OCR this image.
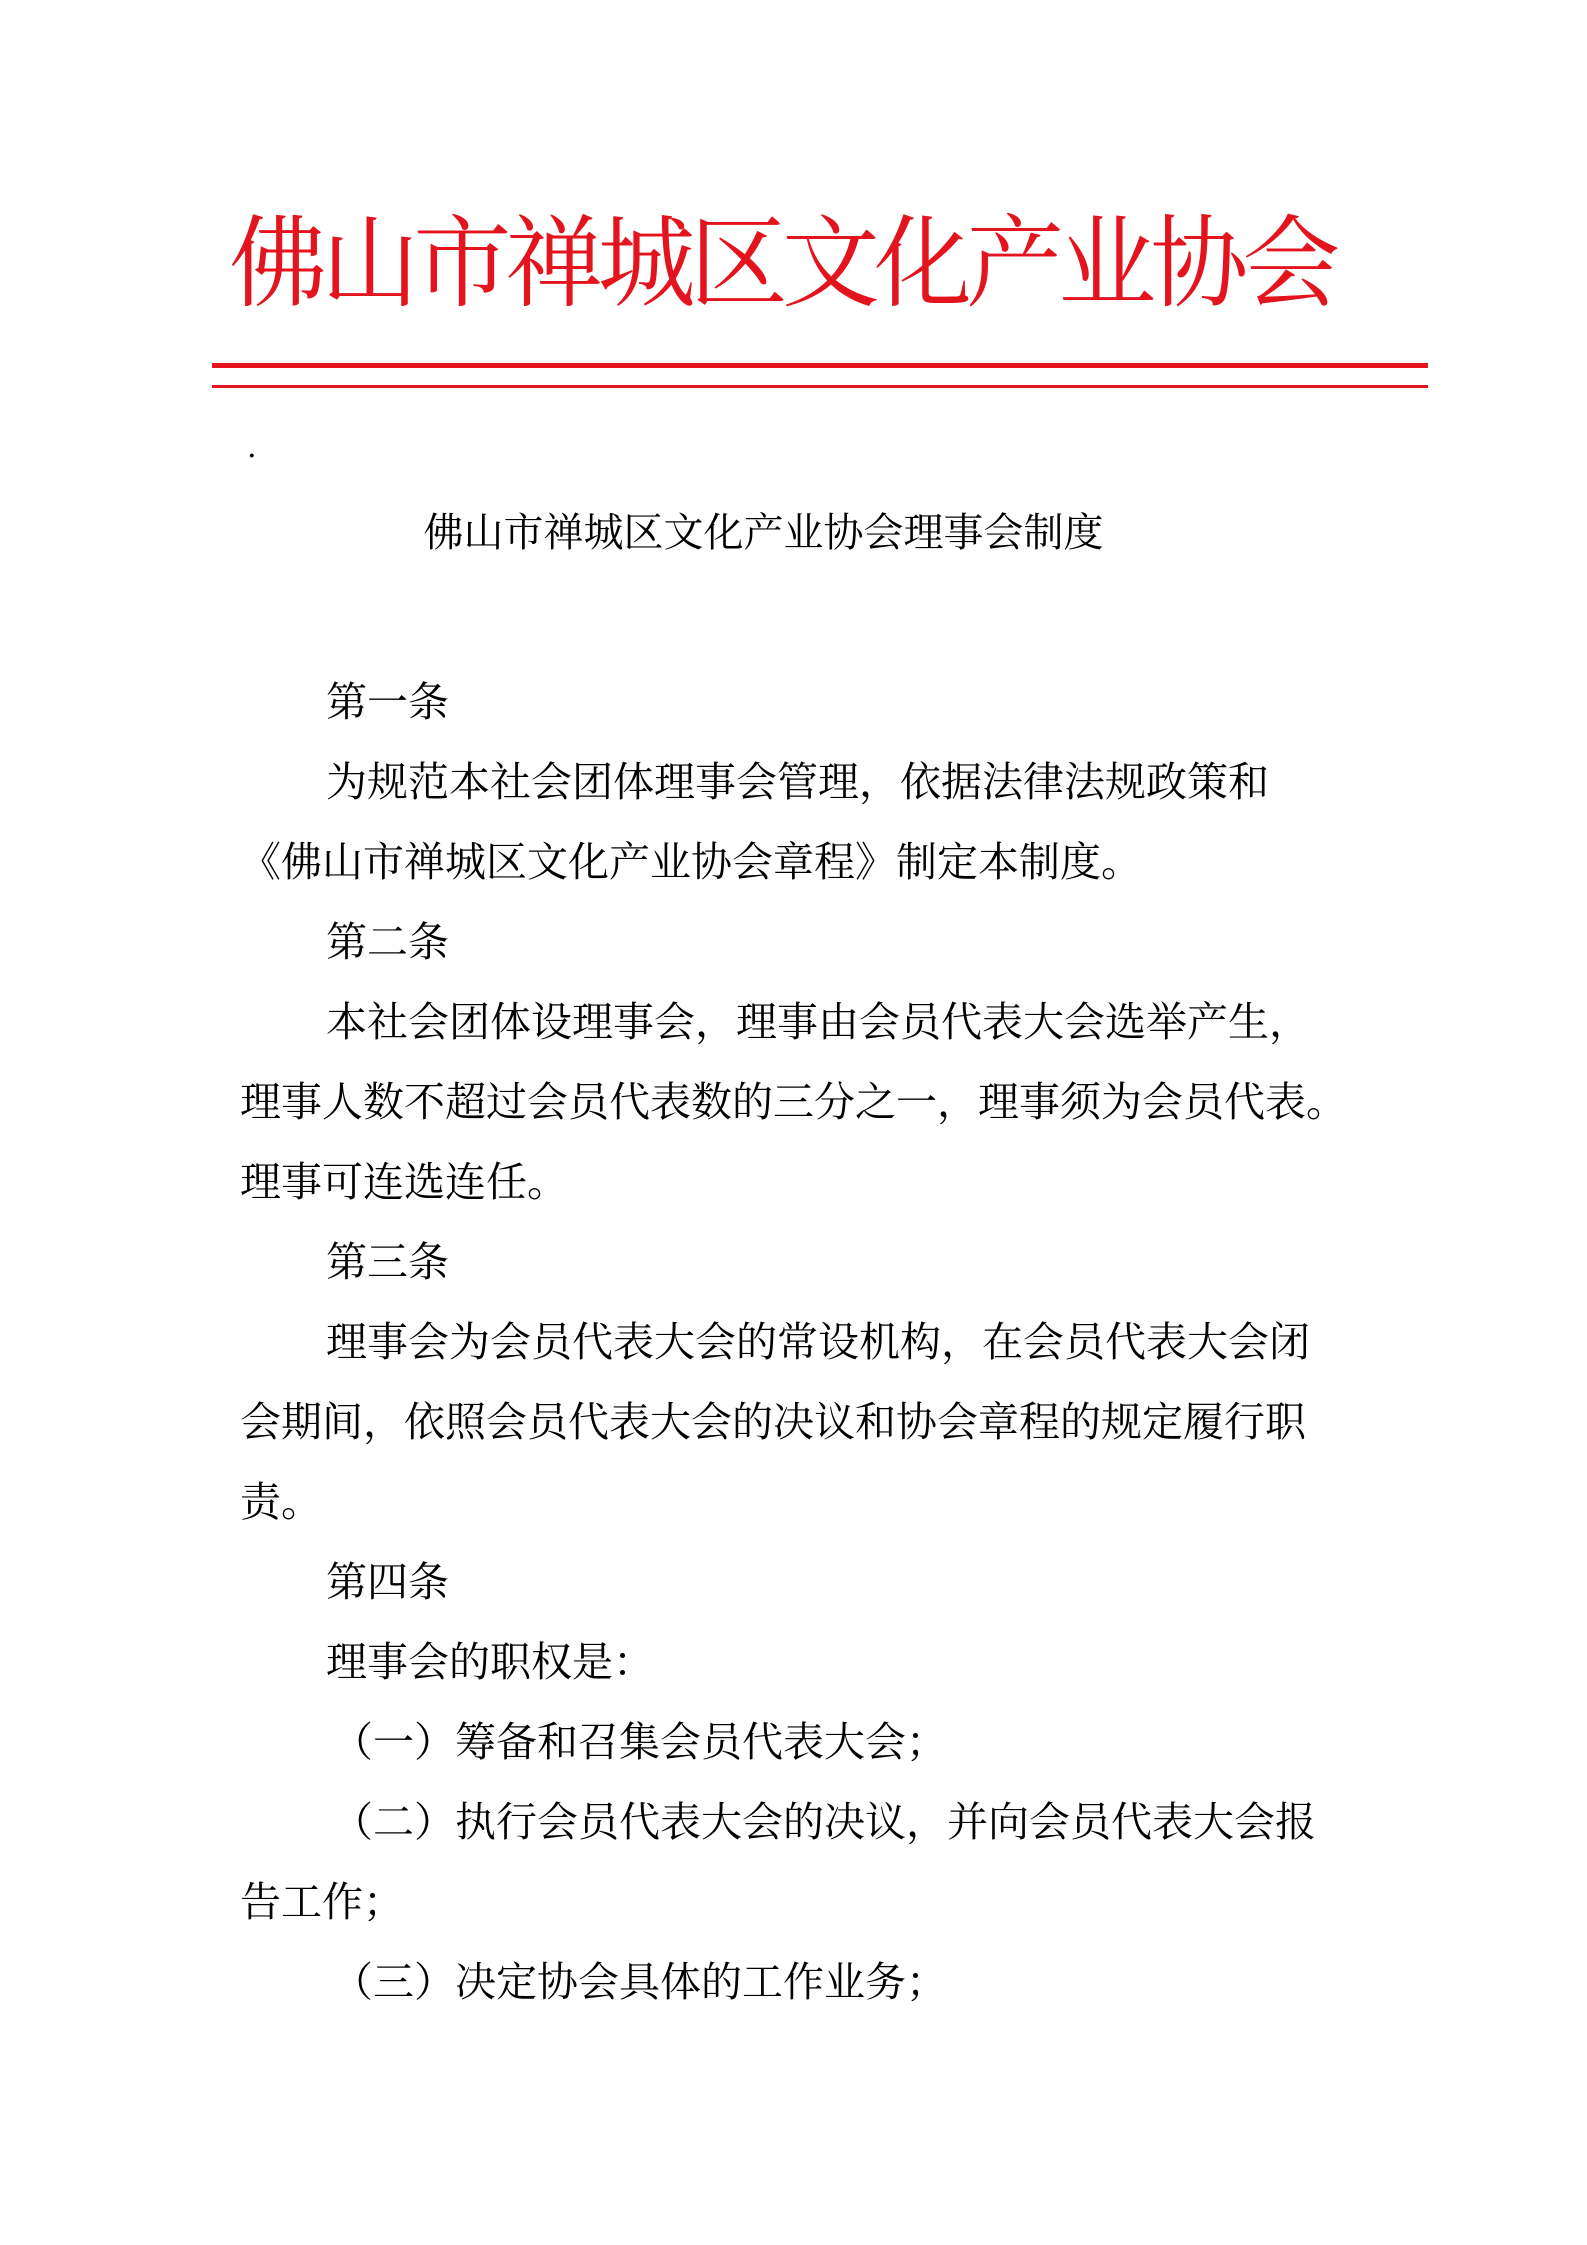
佛山市禅城区文化产业协会
.
佛山市禅城区文化产业协会理事会制度

第一条

为规范本社会团体理事会管理，依据法律法规政策和

《佛山市禅城区文化产业协会章程》制定本制度。

第二条

本社会团体设理事会，理事由会员代表大会选举产生，

理事人数不超过会员代表数的三分之一，理事须为会员代表。

理事可连选连任。

第三条

理事会为会员代表大会的常设机构，在会员代表大会闭

会期间，依照会员代表大会的决议和协会章程的规定履行职

责。

第四条

理事会的职权是：

（一）筹备和召集会员代表大会；

（二）执行会员代表大会的决议，并向会员代表大会报

告工作；

（三）决定协会具体的工作业务；
